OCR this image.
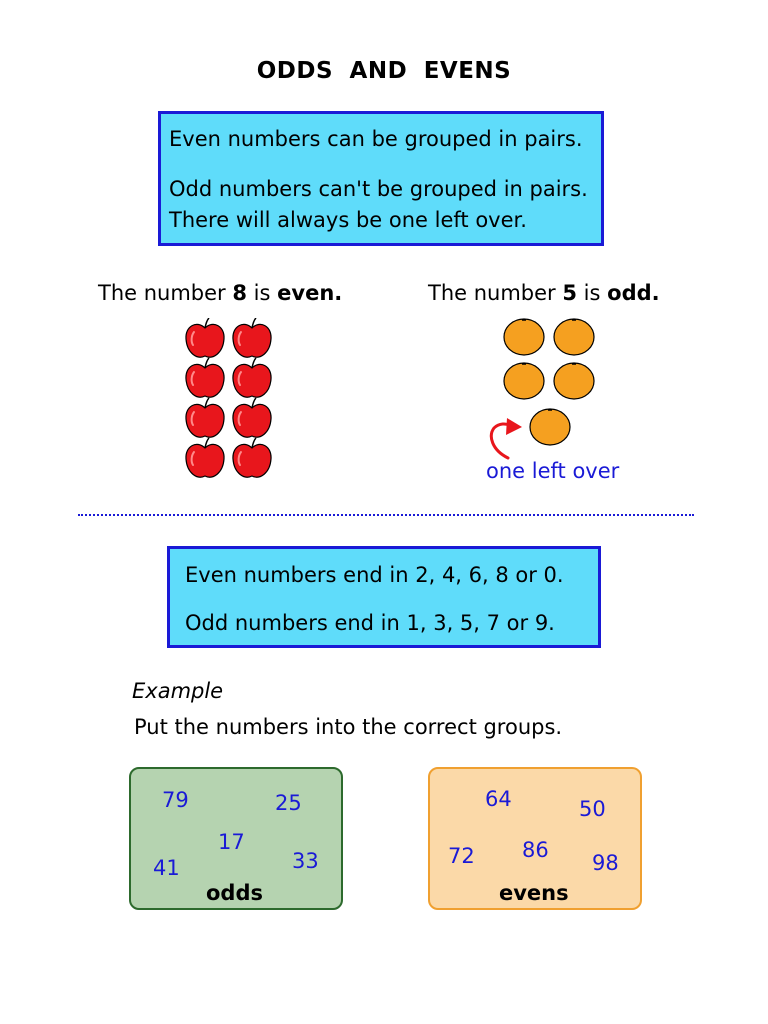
ODDS AND EVENS
Even numbers can be grouped in pairs.
Odd numbers can't be grouped in pairs.
There will always be one left over.
The number 8 is even.	The number 5 is odd.
one left over
Even numbers end in 2, 4, 6, 8 or 0.
Odd numbers end in 1, 3, 5, 7 or 9.
Example
Put the numbers into the correct groups.
79	25
17
41	33
odds
64	50
72 86
98
evens
